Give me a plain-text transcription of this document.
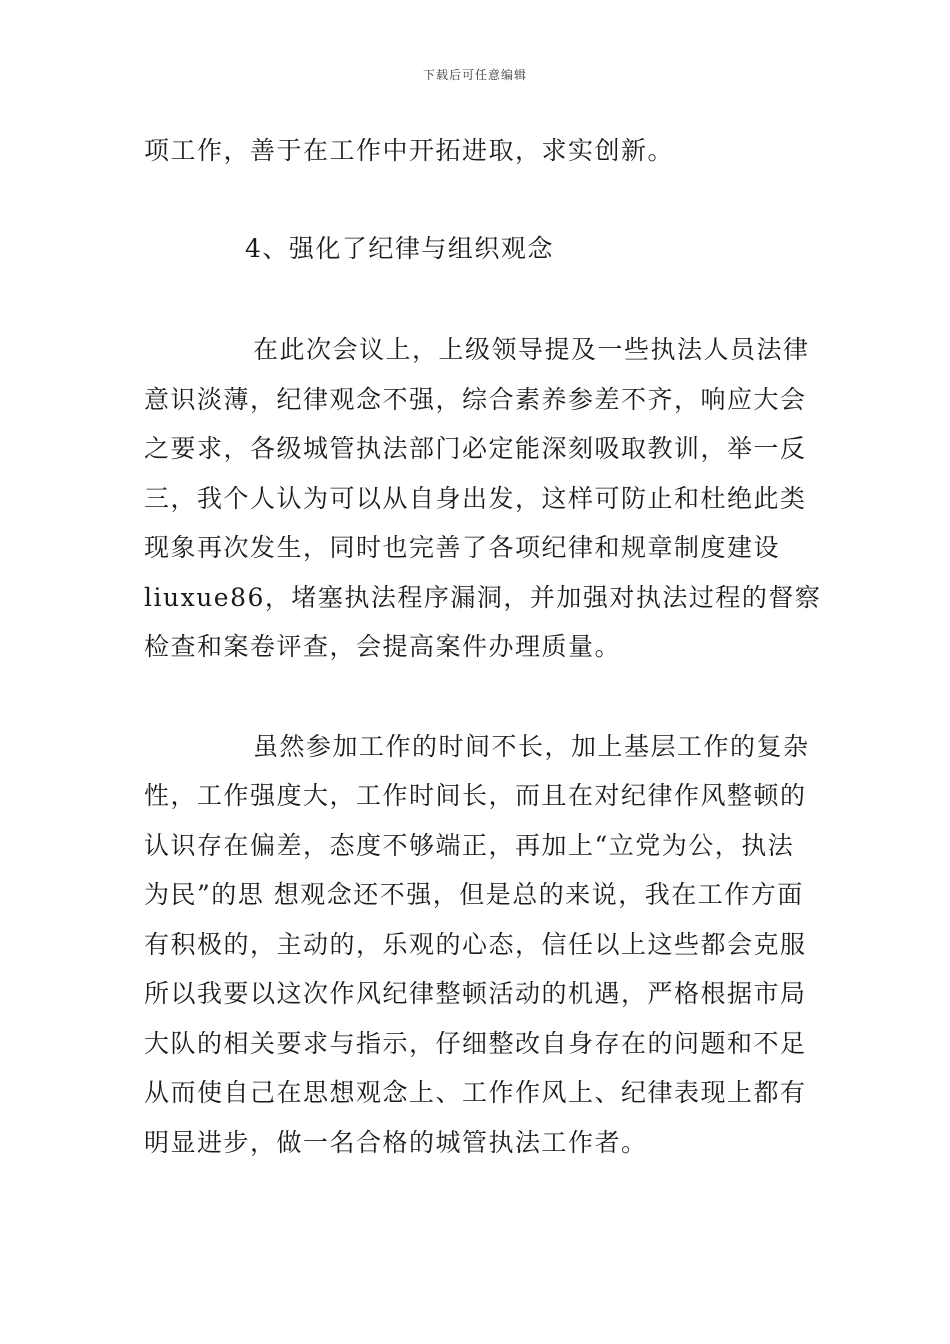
下载后可任意编辑
项工作，善于在工作中开拓进取，求实创新。
4、强化了纪律与组织观念
在此次会议上，上级领导提及一些执法人员法律
意识淡薄，纪律观念不强，综合素养参差不齐，响应大会
之要求，各级城管执法部门必定能深刻吸取教训，举一反
三，我个人认为可以从自身出发，这样可防止和杜绝此类
现象再次发生，同时也完善了各项纪律和规章制度建设
liuxue86，堵塞执法程序漏洞，并加强对执法过程的督察
检查和案卷评查，会提高案件办理质量。
虽然参加工作的时间不长，加上基层工作的复杂
性，工作强度大，工作时间长，而且在对纪律作风整顿的
认识存在偏差，态度不够端正，再加上“立党为公，执法
为民”的思 想观念还不强，但是总的来说，我在工作方面
有积极的，主动的，乐观的心态，信任以上这些都会克服
所以我要以这次作风纪律整顿活动的机遇，严格根据市局
大队的相关要求与指示，仔细整改自身存在的问题和不足
从而使自己在思想观念上、工作作风上、纪律表现上都有
明显进步，做一名合格的城管执法工作者。
